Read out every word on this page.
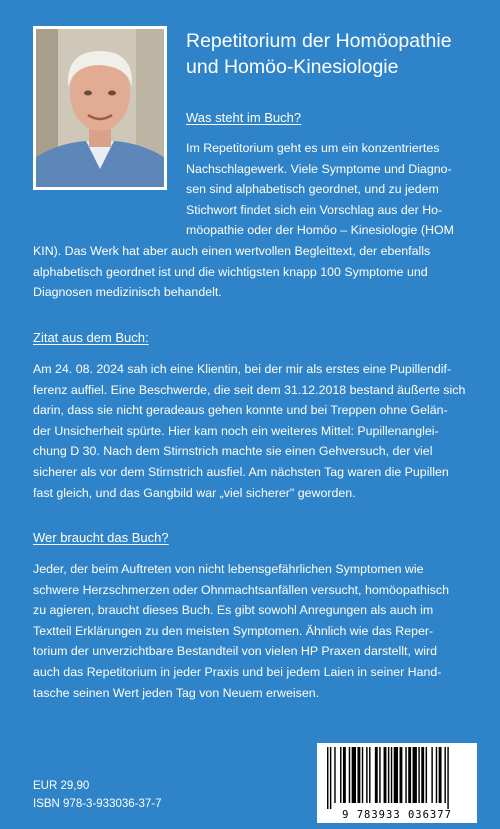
Repetitorium der Homöopathie
und Homöo-Kinesiologie
Was steht im Buch?
Im Repetitorium geht es um ein konzentriertes
Nachschlagewerk. Viele Symptome und Diagno-
sen sind alphabetisch geordnet, und zu jedem
Stichwort findet sich ein Vorschlag aus der Ho-
möopathie oder der Homöo – Kinesiologie (HOM
KIN). Das Werk hat aber auch einen wertvollen Begleittext, der ebenfalls
alphabetisch geordnet ist und die wichtigsten knapp 100 Symptome und
Diagnosen medizinisch behandelt.
Zitat aus dem Buch:
Am 24. 08. 2024 sah ich eine Klientin, bei der mir als erstes eine Pupillendif-
ferenz auffiel. Eine Beschwerde, die seit dem 31.12.2018 bestand äußerte sich
darin, dass sie nicht geradeaus gehen konnte und bei Treppen ohne Gelän-
der Unsicherheit spürte. Hier kam noch ein weiteres Mittel: Pupillenanglei-
chung D 30. Nach dem Stirnstrich machte sie einen Gehversuch, der viel
sicherer als vor dem Stirnstrich ausfiel. Am nächsten Tag waren die Pupillen
fast gleich, und das Gangbild war „viel sicherer" geworden.
Wer braucht das Buch?
Jeder, der beim Auftreten von nicht lebensgefährlichen Symptomen wie
schwere Herzschmerzen oder Ohnmachtsanfällen versucht, homöopathisch
zu agieren, braucht dieses Buch. Es gibt sowohl Anregungen als auch im
Textteil Erklärungen zu den meisten Symptomen. Ähnlich wie das Reper-
torium der unverzichtbare Bestandteil von vielen HP Praxen darstellt, wird
auch das Repetitorium in jeder Praxis und bei jedem Laien in seiner Hand-
tasche seinen Wert jeden Tag von Neuem erweisen.
EUR 29,90
ISBN 978-3-933036-37-7
9 783933 036377
